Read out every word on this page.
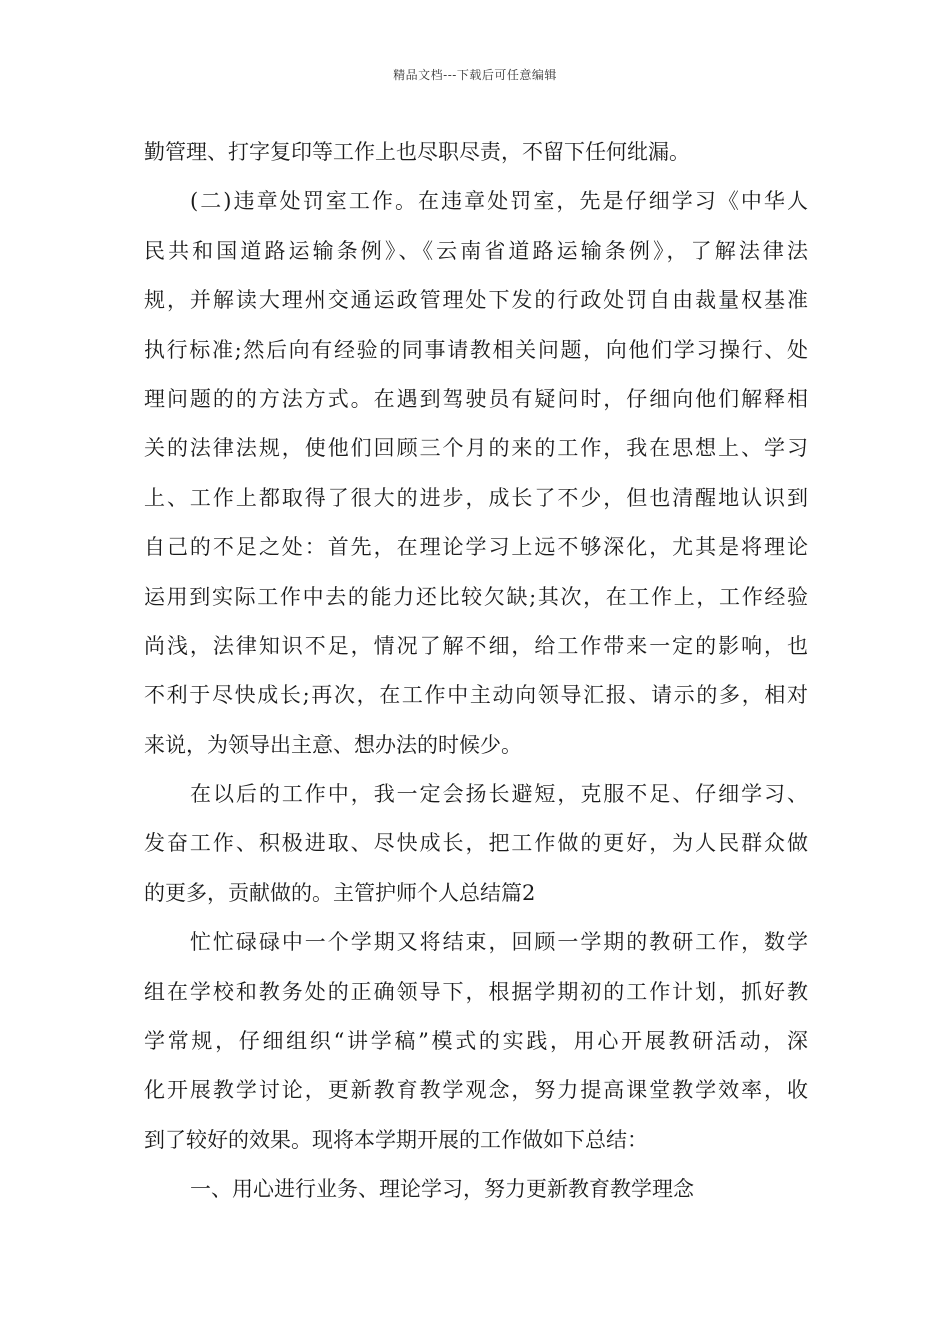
精品文档---下载后可任意编辑
勤管理、打字复印等工作上也尽职尽责，不留下任何纰漏。
(二)违章处罚室工作。在违章处罚室，先是仔细学习《中华人
民共和国道路运输条例》、《云南省道路运输条例》，了解法律法
规，并解读大理州交通运政管理处下发的行政处罚自由裁量权基准
执行标准;然后向有经验的同事请教相关问题，向他们学习操行、处
理问题的的方法方式。在遇到驾驶员有疑问时，仔细向他们解释相
关的法律法规，使他们回顾三个月的来的工作，我在思想上、学习
上、工作上都取得了很大的进步，成长了不少，但也清醒地认识到
自己的不足之处：首先，在理论学习上远不够深化，尤其是将理论
运用到实际工作中去的能力还比较欠缺;其次，在工作上，工作经验
尚浅，法律知识不足，情况了解不细，给工作带来一定的影响，也
不利于尽快成长;再次，在工作中主动向领导汇报、请示的多，相对
来说，为领导出主意、想办法的时候少。
在以后的工作中，我一定会扬长避短，克服不足、仔细学习、
发奋工作、积极进取、尽快成长，把工作做的更好，为人民群众做
的更多，贡献做的。主管护师个人总结篇2
忙忙碌碌中一个学期又将结束，回顾一学期的教研工作，数学
组在学校和教务处的正确领导下，根据学期初的工作计划，抓好教
学常规，仔细组织“讲学稿”模式的实践，用心开展教研活动，深
化开展教学讨论，更新教育教学观念，努力提高课堂教学效率，收
到了较好的效果。现将本学期开展的工作做如下总结：
一、用心进行业务、理论学习，努力更新教育教学理念
